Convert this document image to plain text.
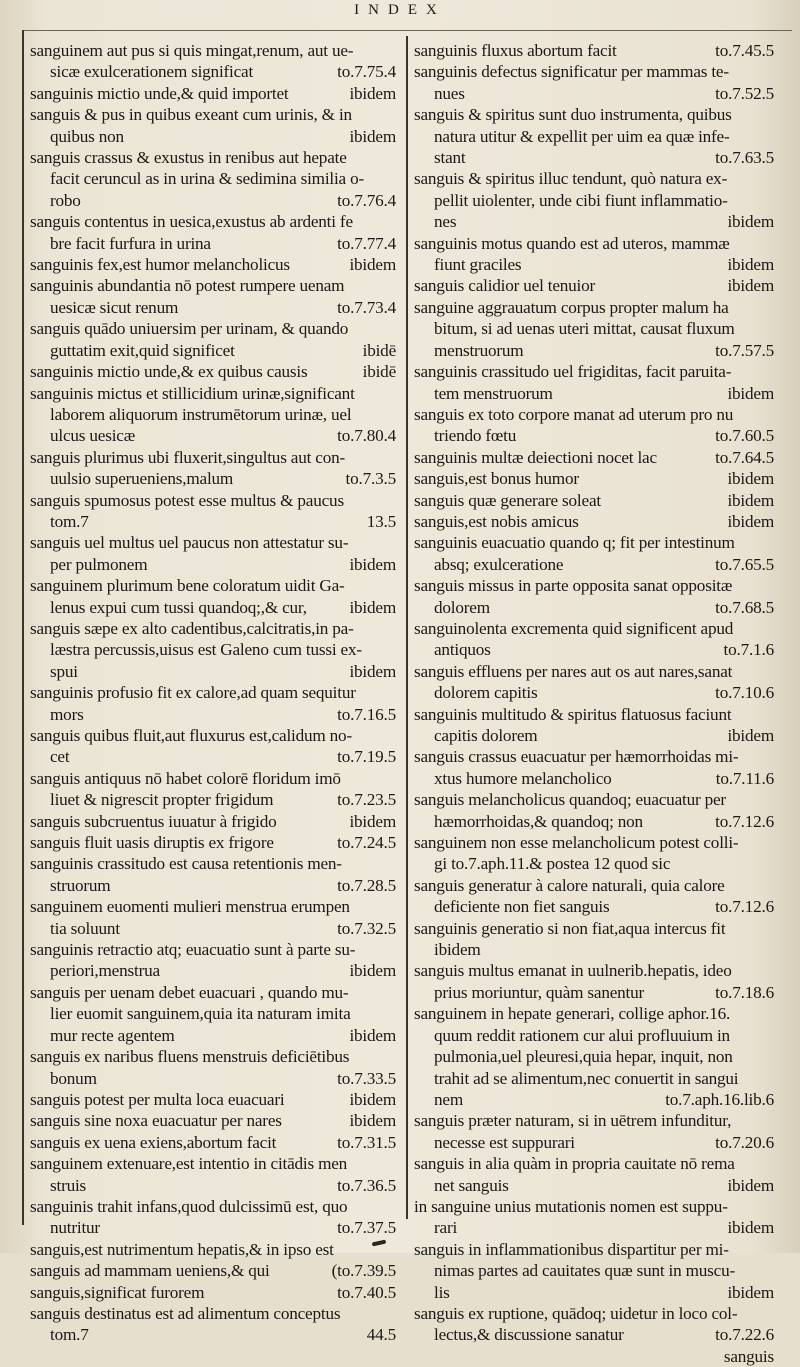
INDEX

sanguinem aut pus si quis mingat,renum, aut ue-
to.7.75.4
sicæ exulcerationem significat

ibidem
sanguinis mictio unde,& quid importet

sanguis & pus in quibus exeant cum urinis, & in
ibidem
quibus non

sanguis crassus & exustus in renibus aut hepate
facit ceruncul as in urina & sedimina similia o-
to.7.76.4
robo

sanguis contentus in uesica,exustus ab ardenti fe
to.7.77.4
bre facit furfura in urina

ibidem
sanguinis fex,est humor melancholicus

sanguinis abundantia nō potest rumpere uenam
to.7.73.4
uesicæ sicut renum

sanguis quādo uniuersim per urinam, & quando
ibidē
guttatim exit,quid significet

ibidē
sanguinis mictio unde,& ex quibus causis

sanguinis mictus et stillicidium urinæ,significant
laborem aliquorum instrumētorum urinæ, uel
to.7.80.4
ulcus uesicæ

sanguis plurimus ubi fluxerit,singultus aut con-
to.7.3.5
uulsio superueniens,malum

sanguis spumosus potest esse multus & paucus
13.5
tom.7

sanguis uel multus uel paucus non attestatur su-
ibidem
per pulmonem

sanguinem plurimum bene coloratum uidit Ga-
ibidem
lenus expui cum tussi quandoq;,& cur,

sanguis sæpe ex alto cadentibus,calcitratis,in pa-
læstra percussis,uisus est Galeno cum tussi ex-
ibidem
spui

sanguinis profusio fit ex calore,ad quam sequitur
to.7.16.5
mors

sanguis quibus fluit,aut fluxurus est,calidum no-
to.7.19.5
cet

sanguis antiquus nō habet colorē floridum imō
to.7.23.5
liuet & nigrescit propter frigidum

ibidem
sanguis subcruentus iuuatur à frigido

to.7.24.5
sanguis fluit uasis diruptis ex frigore

sanguinis crassitudo est causa retentionis men-
to.7.28.5
struorum

sanguinem euomenti mulieri menstrua erumpen
to.7.32.5
tia soluunt

sanguinis retractio atq; euacuatio sunt à parte su-
ibidem
periori,menstrua

sanguis per uenam debet euacuari , quando mu-
lier euomit sanguinem,quia ita naturam imita
ibidem
mur recte agentem

sanguis ex naribus fluens menstruis deficiētibus
to.7.33.5
bonum

ibidem
sanguis potest per multa loca euacuari

ibidem
sanguis sine noxa euacuatur per nares

to.7.31.5
sanguis ex uena exiens,abortum facit

sanguinem extenuare,est intentio in citādis men
to.7.36.5
struis

sanguinis trahit infans,quod dulcissimū est, quo
to.7.37.5
nutritur

sanguis,est nutrimentum hepatis,& in ipso est

(to.7.39.5
sanguis ad mammam ueniens,& qui

to.7.40.5
sanguis,significat furorem

sanguis destinatus est ad alimentum conceptus
44.5
tom.7

to.7.45.5
sanguinis fluxus abortum facit

sanguinis defectus significatur per mammas te-
to.7.52.5
nues

sanguis & spiritus sunt duo instrumenta, quibus
natura utitur & expellit per uim ea quæ infe-
to.7.63.5
stant

sanguis & spiritus illuc tendunt, quò natura ex-
pellit uiolenter, unde cibi fiunt inflammatio-
ibidem
nes

sanguinis motus quando est ad uteros, mammæ
ibidem
fiunt graciles

ibidem
sanguis calidior uel tenuior

sanguine aggrauatum corpus propter malum ha
bitum, si ad uenas uteri mittat, causat fluxum
to.7.57.5
menstruorum

sanguinis crassitudo uel frigiditas, facit paruita-
ibidem
tem menstruorum

sanguis ex toto corpore manat ad uterum pro nu
to.7.60.5
triendo fœtu

to.7.64.5
sanguinis multæ deiectioni nocet lac

ibidem
sanguis,est bonus humor

ibidem
sanguis quæ generare soleat

ibidem
sanguis,est nobis amicus

sanguinis euacuatio quando q; fit per intestinum
to.7.65.5
absq; exulceratione

sanguis missus in parte opposita sanat oppositæ
to.7.68.5
dolorem

sanguinolenta excrementa quid significent apud
to.7.1.6
antiquos

sanguis effluens per nares aut os aut nares,sanat
to.7.10.6
dolorem capitis

sanguinis multitudo & spiritus flatuosus faciunt
ibidem
capitis dolorem

sanguis crassus euacuatur per hæmorrhoidas mi-
to.7.11.6
xtus humore melancholico

sanguis melancholicus quandoq; euacuatur per
to.7.12.6
hæmorrhoidas,& quandoq; non

sanguinem non esse melancholicum potest colli-
gi to.7.aph.11.& postea 12 quod sic

sanguis generatur à calore naturali, quia calore
to.7.12.6
deficiente non fiet sanguis

sanguinis generatio si non fiat,aqua intercus fit
ibidem

sanguis multus emanat in uulnerib.hepatis, ideo
to.7.18.6
prius moriuntur, quàm sanentur

sanguinem in hepate generari, collige aphor.16.
quum reddit rationem cur alui profluuium in
pulmonia,uel pleuresi,quia hepar, inquit, non
trahit ad se alimentum,nec conuertit in sangui
to.7.aph.16.lib.6
nem

sanguis præter naturam, si in uētrem infunditur,
to.7.20.6
necesse est suppurari

sanguis in alia quàm in propria cauitate nō rema
ibidem
net sanguis

in sanguine unius mutationis nomen est suppu-
ibidem
rari

sanguis in inflammationibus dispartitur per mi-
nimas partes ad cauitates quæ sunt in muscu-
ibidem
lis

sanguis ex ruptione, quādoq; uidetur in loco col-
to.7.22.6
lectus,& discussione sanatur

sanguis
